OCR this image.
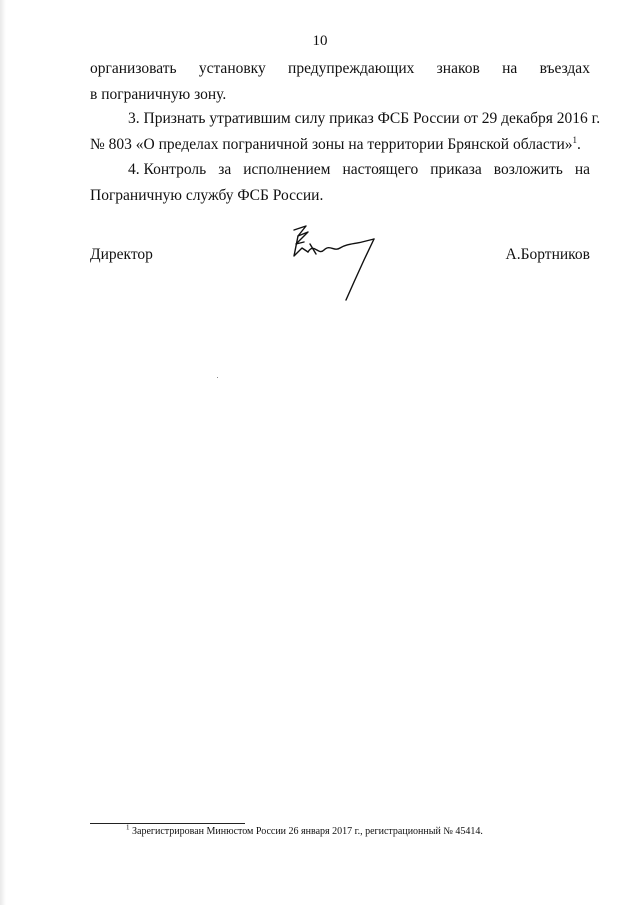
10
организовать установку предупреждающих знаков на въездах
в пограничную зону.
3. Признать утратившим силу приказ ФСБ России от 29 декабря 2016 г.
№ 803 «О пределах пограничной зоны на территории Брянской области»$^1$.
4. Контроль за исполнением настоящего приказа возложить на
Пограничную службу ФСБ России.
Директор	А.Бортников
$^1$ Зарегистрирован Минюстом России 26 января 2017 г., регистрационный № 45414.
